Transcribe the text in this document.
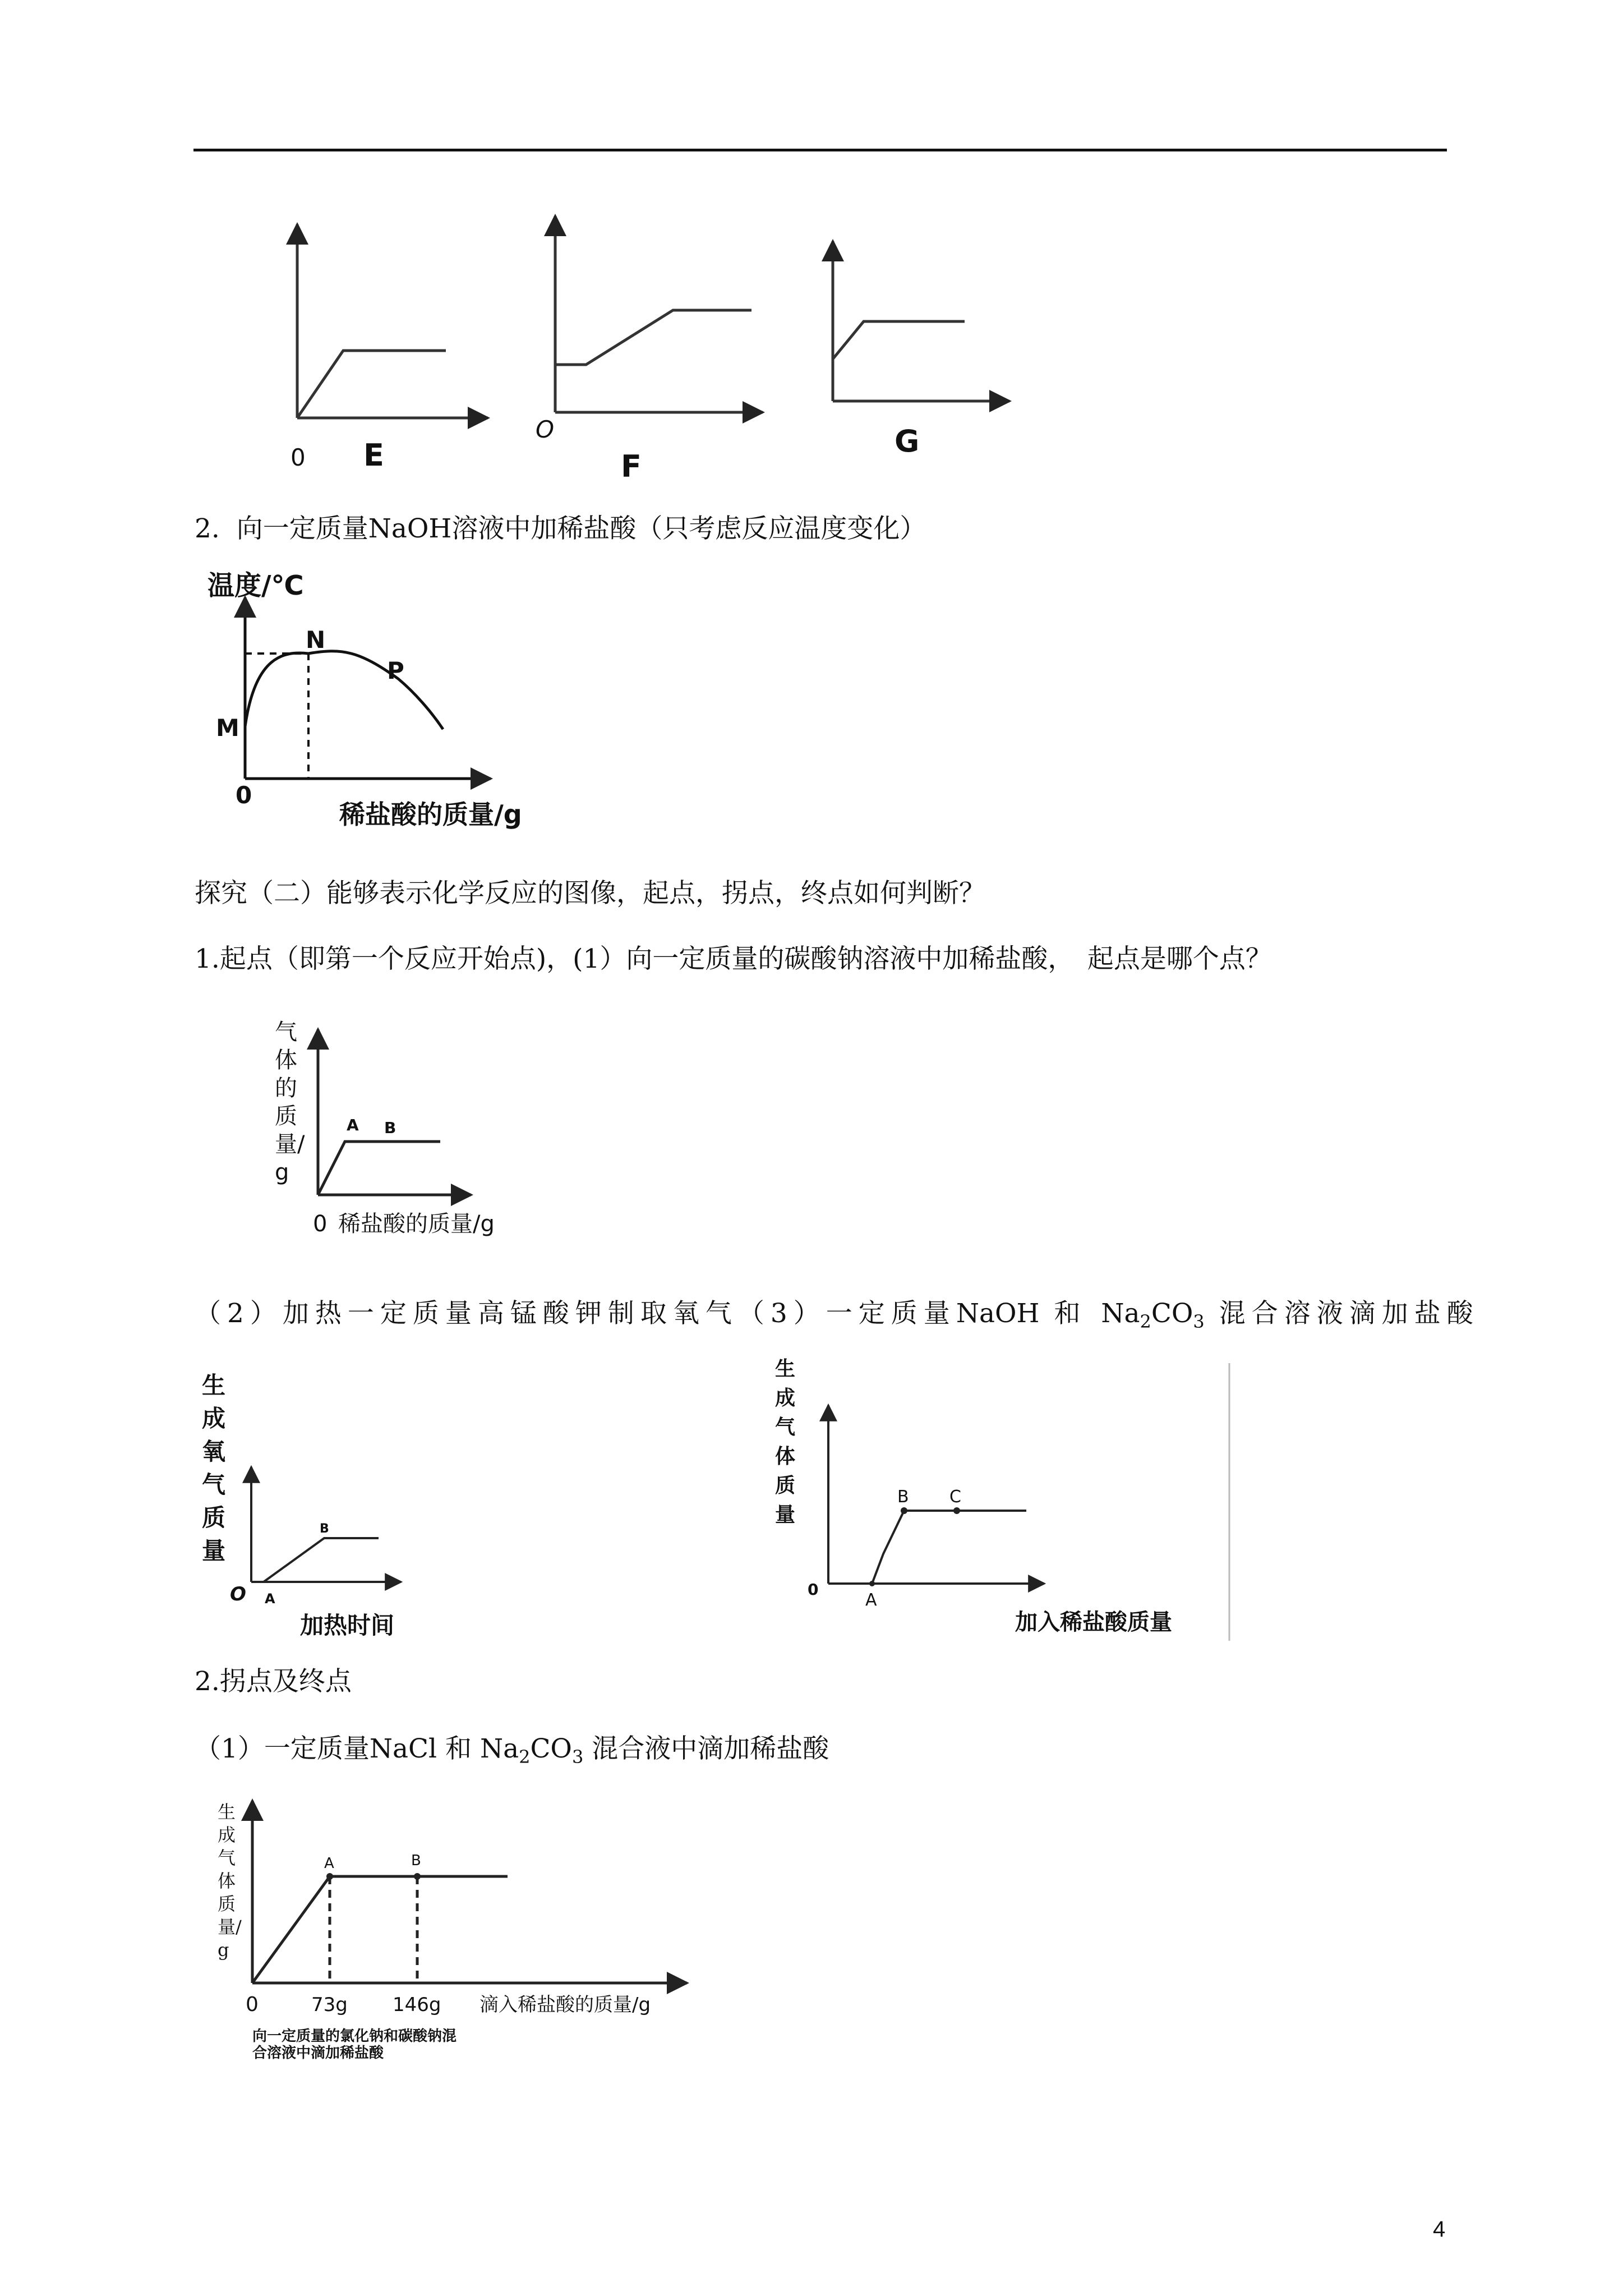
0 E
O
F
G
2. 向一定质量NaOH溶液中加稀盐酸（只考虑反应温度变化）
温度/℃
M
N
P
0
稀盐酸的质量/g
探究（二）能够表示化学反应的图像，起点，拐点，终点如何判断？
1.起点（即第一个反应开始点)，(1）向一定质量的碳酸钠溶液中加稀盐酸，　起点是哪个点？
A B
0 稀盐酸的质量/g
气体的质量/g
（2）加热一定质量高锰酸钾制取氧气（3）一定质量NaOH 和 $Na_2CO_3$ 混合溶液滴加盐酸
A
B
O
加热时间
生成氧气质量
A
B C
0
加入稀盐酸质量
生成气体质量
2.拐点及终点
（1）一定质量NaCl 和 $Na_2CO_3$ 混合液中滴加稀盐酸
A	B
0	73g 146g 滴入稀盐酸的质量/g
生成气体质量/g
向一定质量的氯化钠和碳酸钠混合溶液中滴加稀盐酸
4
